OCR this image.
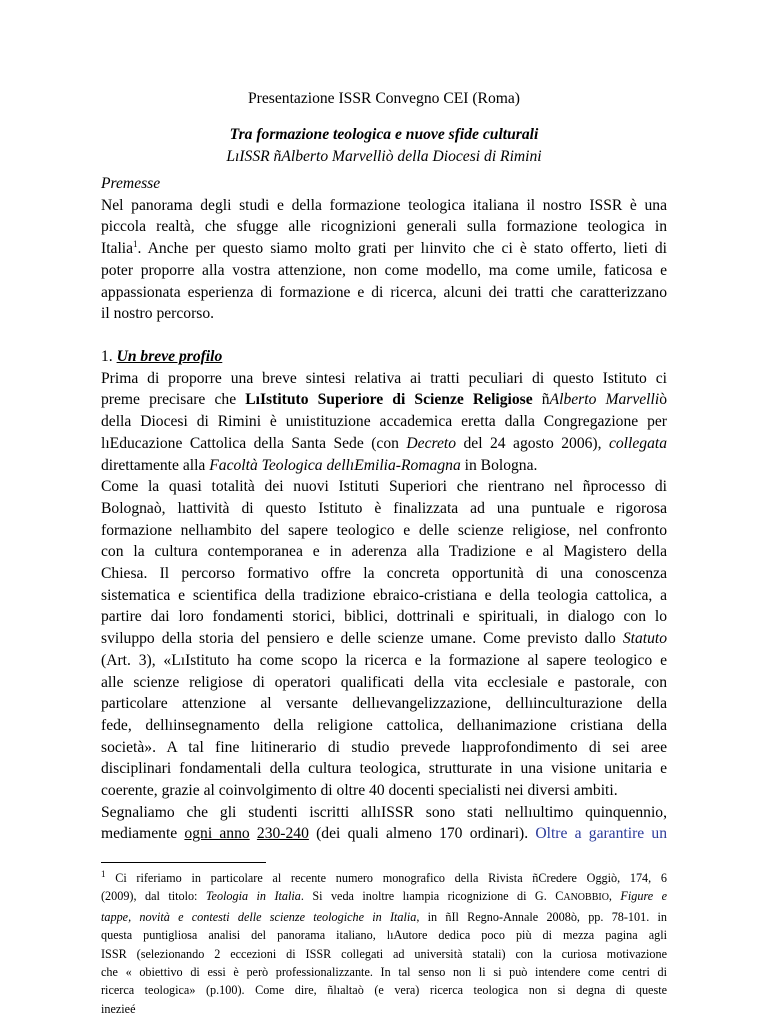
Presentazione ISSR Convegno CEI (Roma)
Tra formazione teologica e nuove sfide culturali
LıISSR ñAlberto Marvelliò della Diocesi di Rimini
Premesse
Nel panorama degli studi e della formazione teologica italiana il nostro ISSR è una
piccola realtà, che sfugge alle ricognizioni generali sulla formazione teologica in
Italia$^1$. Anche per questo siamo molto grati per lıinvito che ci è stato offerto, lieti di
poter proporre alla vostra attenzione, non come modello, ma come umile, faticosa e
appassionata esperienza di formazione e di ricerca, alcuni dei tratti che caratterizzano
il nostro percorso.
1. Un breve profilo
Prima di proporre una breve sintesi relativa ai tratti peculiari di questo Istituto ci
preme precisare che LıIstituto Superiore di Scienze Religiose ñAlberto Marvelliò
della Diocesi di Rimini è unıistituzione accademica eretta dalla Congregazione per
lıEducazione Cattolica della Santa Sede (con Decreto del 24 agosto 2006), collegata
direttamente alla Facoltà Teologica dellıEmilia-Romagna in Bologna.
Come la quasi totalità dei nuovi Istituti Superiori che rientrano nel ñprocesso di
Bolognaò, lıattività di questo Istituto è finalizzata ad una puntuale e rigorosa
formazione nellıambito del sapere teologico e delle scienze religiose, nel confronto
con la cultura contemporanea e in aderenza alla Tradizione e al Magistero della
Chiesa. Il percorso formativo offre la concreta opportunità di una conoscenza
sistematica e scientifica della tradizione ebraico-cristiana e della teologia cattolica, a
partire dai loro fondamenti storici, biblici, dottrinali e spirituali, in dialogo con lo
sviluppo della storia del pensiero e delle scienze umane. Come previsto dallo Statuto
(Art. 3), «LıIstituto ha come scopo la ricerca e la formazione al sapere teologico e
alle scienze religiose di operatori qualificati della vita ecclesiale e pastorale, con
particolare attenzione al versante dellıevangelizzazione, dellıinculturazione della
fede, dellıinsegnamento della religione cattolica, dellıanimazione cristiana della
società». A tal fine lıitinerario di studio prevede lıapprofondimento di sei aree
disciplinari fondamentali della cultura teologica, strutturate in una visione unitaria e
coerente, grazie al coinvolgimento di oltre 40 docenti specialisti nei diversi ambiti.
Segnaliamo che gli studenti iscritti allıISSR sono stati nellıultimo quinquennio,
mediamente ogni anno 230-240 (dei quali almeno 170 ordinari). Oltre a garantire un
$^1$ Ci riferiamo in particolare al recente numero monografico della Rivista ñCredere Oggiò, 174, 6
(2009), dal titolo: Teologia in Italia. Si veda inoltre lıampia ricognizione di G. CANOBBIO, Figure e
tappe, novità e contesti delle scienze teologiche in Italia, in ñIl Regno-Annale 2008ò, pp. 78-101. in
questa puntigliosa analisi del panorama italiano, lıAutore dedica poco più di mezza pagina agli
ISSR (selezionando 2 eccezioni di ISSR collegati ad università statali) con la curiosa motivazione
che « obiettivo di essi è però professionalizzante. In tal senso non li si può intendere come centri di
ricerca teologica» (p.100). Come dire, ñlıaltaò (e vera) ricerca teologica non si degna di queste
inezieé
